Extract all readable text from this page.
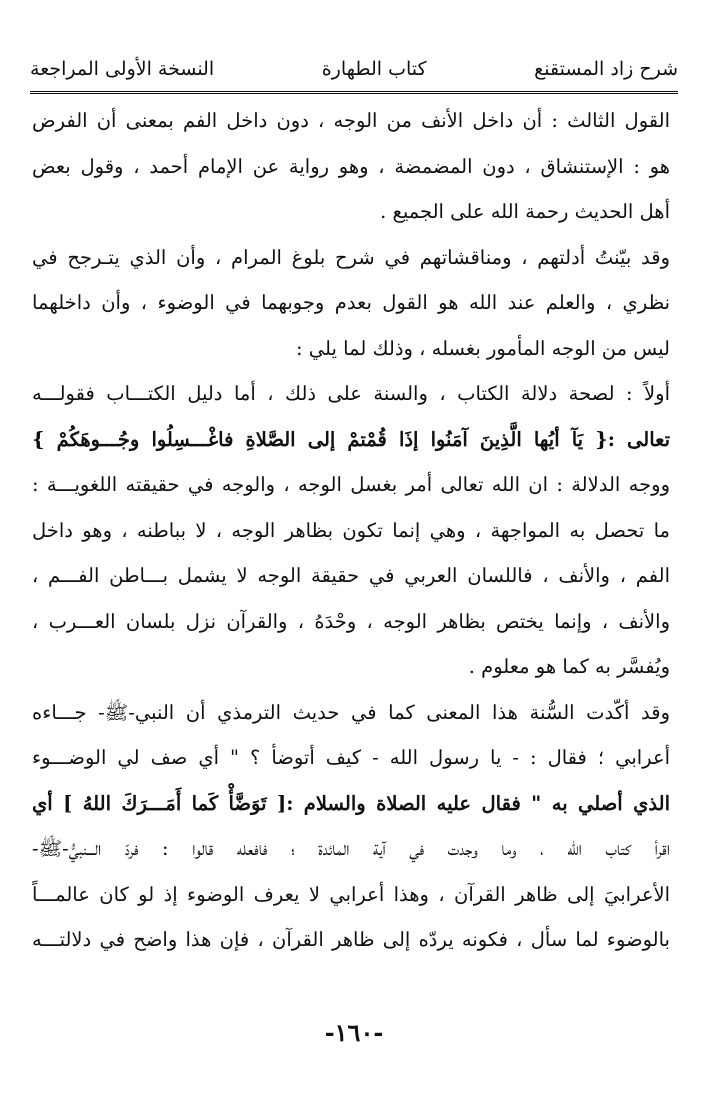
شرح زاد المستقنع
كتاب الطهارة
النسخة الأولى المراجعة
القول الثالث : أن داخل الأنف من الوجه ، دون داخل الفم بمعنى أن الفرض
هو : الإستنشاق ، دون المضمضة ، وهو رواية عن الإمام أحمد ، وقول بعض
أهل الحديث رحمة الله على الجميع .
وقد بيّنتُ أدلتهم ، ومناقشاتهم في شرح بلوغ المرام ، وأن الذي يتـرجح في
نظري ، والعلم عند الله هو القول بعدم وجوبهما في الوضوء ، وأن داخلهما
ليس من الوجه المأمور بغسله ، وذلك لما يلي :
أولاً : لصحة دلالة الكتاب ، والسنة على ذلك ، أما دليل الكتـــاب فقولـــه
تعالى :{ يَآ أيُها الَّذِينَ آمَنُوا إذَا قُمْتمْ إلى الصَّلاةِ فاغْـــسِلُوا وجُـــوهَكُمْ }
ووجه الدلالة : ان الله تعالى أمر بغسل الوجه ، والوجه في حقيقته اللغويـــة :
ما تحصل به المواجهة ، وهي إنما تكون بظاهر الوجه ، لا بباطنه ، وهو داخل
الفم ، والأنف ، فاللسان العربي في حقيقة الوجه لا يشمل بـــاطن الفـــم ،
والأنف ، وإنما يختص بظاهر الوجه ، وحْدَهُ ، والقرآن نزل بلسان العـــرب ،
ويُفسَّر به كما هو معلوم .
وقد أكّدت السُّنة هذا المعنى كما في حديث الترمذي أن النبي-ﷺ- جـــاءه
أعرابي ؛ فقال : - يا رسول الله - كيف أتوضأ ؟ " أي صف لي الوضـــوء
الذي أصلي به " فقال عليه الصلاة والسلام :[ تَوَضَّأْ كَما أَمَـــرَكَ اللهُ ] أي
اقرأ كتاب الله ، وما وجدت في آية المائدة ؛ فافعله قالوا : فردّ الـــنبيُّ-ﷺ-
الأعرابيَ إلى ظاهر القرآن ، وهذا أعرابي لا يعرف الوضوء إذ لو كان عالمـــاً
بالوضوء لما سأل ، فكونه يردّه إلى ظاهر القرآن ، فإن هذا واضح في دلالتـــه
-١٦٠-
